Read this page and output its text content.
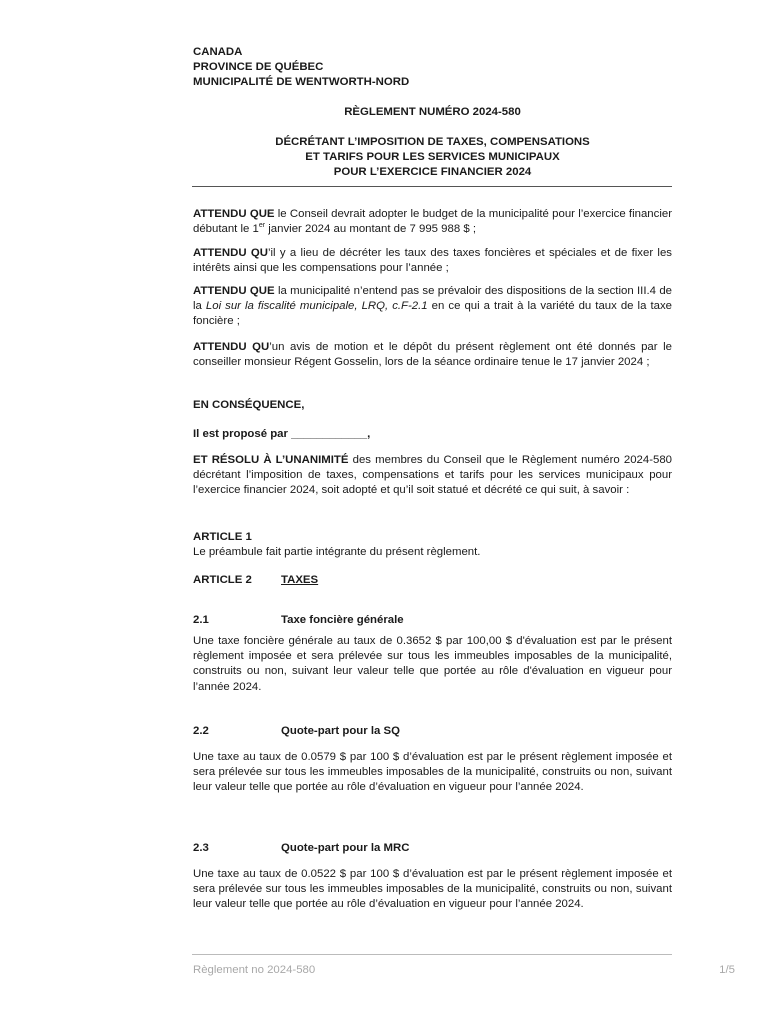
CANADA
PROVINCE DE QUÉBEC
MUNICIPALITÉ DE WENTWORTH-NORD
RÈGLEMENT NUMÉRO 2024-580
DÉCRÉTANT L’IMPOSITION DE TAXES, COMPENSATIONS
ET TARIFS POUR LES SERVICES MUNICIPAUX
POUR L’EXERCICE FINANCIER 2024
ATTENDU QUE le Conseil devrait adopter le budget de la municipalité pour l’exercice financier débutant le 1er janvier 2024 au montant de 7 995 988 $ ;
ATTENDU QU’il y a lieu de décréter les taux des taxes foncières et spéciales et de fixer les intérêts ainsi que les compensations pour l’année ;
ATTENDU QUE la municipalité n’entend pas se prévaloir des dispositions de la section III.4 de la Loi sur la fiscalité municipale, LRQ, c.F-2.1 en ce qui a trait à la variété du taux de la taxe foncière ;
ATTENDU QU’un avis de motion et le dépôt du présent règlement ont été donnés par le conseiller monsieur Régent Gosselin, lors de la séance ordinaire tenue le 17 janvier 2024 ;
EN CONSÉQUENCE,
Il est proposé par ____________,
ET RÉSOLU À L’UNANIMITÉ des membres du Conseil que le Règlement numéro 2024-580 décrétant l’imposition de taxes, compensations et tarifs pour les services municipaux pour l’exercice financier 2024, soit adopté et qu’il soit statué et décrété ce qui suit, à savoir :
ARTICLE 1
Le préambule fait partie intégrante du présent règlement.
ARTICLE 2	TAXES
2.1	Taxe foncière générale
Une taxe foncière générale au taux de 0.3652 $ par 100,00 $ d'évaluation est par le présent règlement imposée et sera prélevée sur tous les immeubles imposables de la municipalité, construits ou non, suivant leur valeur telle que portée au rôle d'évaluation en vigueur pour l’année 2024.
2.2	Quote-part pour la SQ
Une taxe au taux de 0.0579 $ par 100 $ d’évaluation est par le présent règlement imposée et sera prélevée sur tous les immeubles imposables de la municipalité, construits ou non, suivant leur valeur telle que portée au rôle d’évaluation en vigueur pour l’année 2024.
2.3	Quote-part pour la MRC
Une taxe au taux de 0.0522 $ par 100 $ d’évaluation est par le présent règlement imposée et sera prélevée sur tous les immeubles imposables de la municipalité, construits ou non, suivant leur valeur telle que portée au rôle d’évaluation en vigueur pour l’année 2024.
Règlement no 2024-580	1/5
